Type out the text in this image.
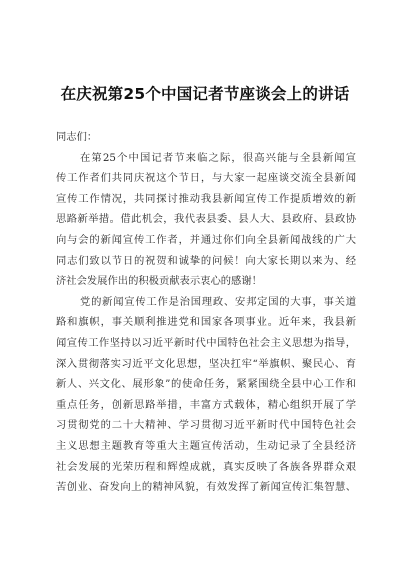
在庆祝第25个中国记者节座谈会上的讲话
同志们：
在第25个中国记者节来临之际，很高兴能与全县新闻宣
传工作者们共同庆祝这个节日，与大家一起座谈交流全县新闻
宣传工作情况，共同探讨推动我县新闻宣传工作提质增效的新
思路新举措。借此机会，我代表县委、县人大、县政府、县政协
向与会的新闻宣传工作者，并通过你们向全县新闻战线的广大
同志们致以节日的祝贺和诚挚的问候！向大家长期以来为、经
济社会发展作出的积极贡献表示衷心的感谢！
党的新闻宣传工作是治国理政、安邦定国的大事，事关道
路和旗帜，事关顺利推进党和国家各项事业。近年来，我县新
闻宣传工作坚持以习近平新时代中国特色社会主义思想为指导，
深入贯彻落实习近平文化思想，坚决扛牢“举旗帜、聚民心、育
新人、兴文化、展形象”的使命任务，紧紧围绕全县中心工作和
重点任务，创新思路举措，丰富方式载体，精心组织开展了学
习贯彻党的二十大精神、学习贯彻习近平新时代中国特色社会
主义思想主题教育等重大主题宣传活动，生动记录了全县经济
社会发展的光荣历程和辉煌成就，真实反映了各族各界群众艰
苦创业、奋发向上的精神风貌，有效发挥了新闻宣传汇集智慧、
